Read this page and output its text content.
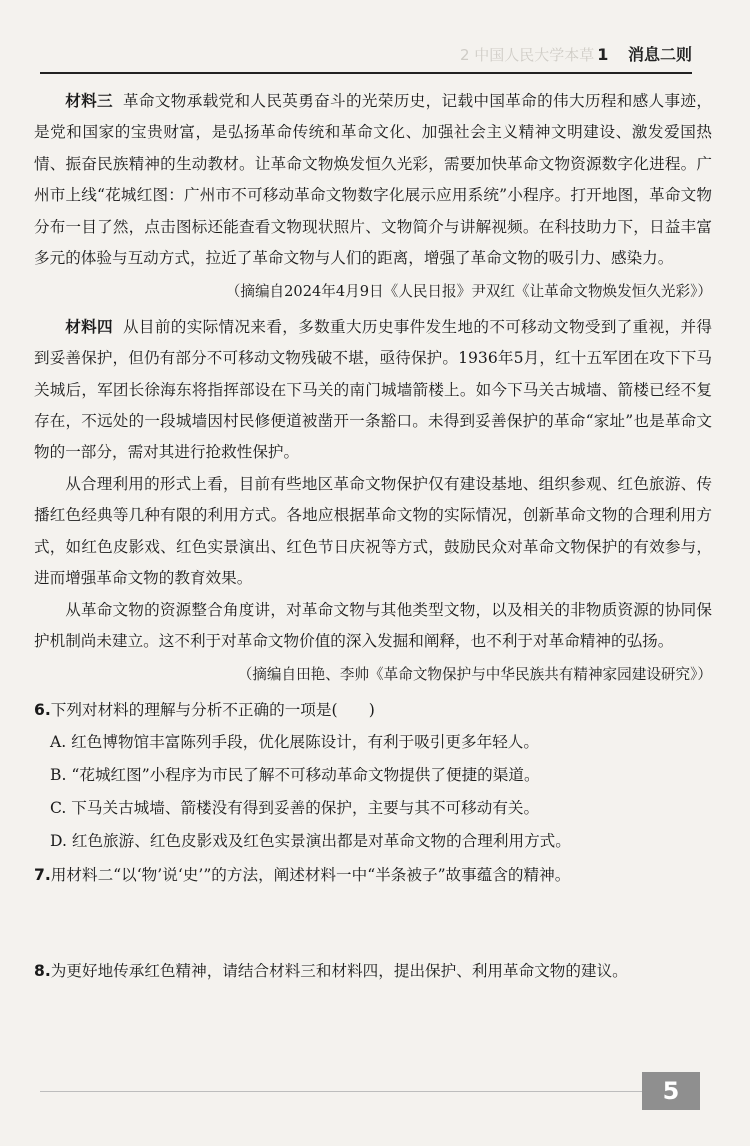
2 中国人民大学本草 1 消息二则

材料三 革命文物承载党和人民英勇奋斗的光荣历史，记载中国革命的伟大历程和感人事迹，是党和国家的宝贵财富，是弘扬革命传统和革命文化、加强社会主义精神文明建设、激发爱国热情、振奋民族精神的生动教材。让革命文物焕发恒久光彩，需要加快革命文物资源数字化进程。广州市上线“花城红图：广州市不可移动革命文物数字化展示应用系统”小程序。打开地图，革命文物分布一目了然，点击图标还能查看文物现状照片、文物简介与讲解视频。在科技助力下，日益丰富多元的体验与互动方式，拉近了革命文物与人们的距离，增强了革命文物的吸引力、感染力。

（摘编自2024年4月9日《人民日报》尹双红《让革命文物焕发恒久光彩》）

材料四 从目前的实际情况来看，多数重大历史事件发生地的不可移动文物受到了重视，并得到妥善保护，但仍有部分不可移动文物残破不堪，亟待保护。1936年5月，红十五军团在攻下下马关城后，军团长徐海东将指挥部设在下马关的南门城墙箭楼上。如今下马关古城墙、箭楼已经不复存在，不远处的一段城墙因村民修便道被凿开一条豁口。未得到妥善保护的革命“家址”也是革命文物的一部分，需对其进行抢救性保护。

从合理利用的形式上看，目前有些地区革命文物保护仅有建设基地、组织参观、红色旅游、传播红色经典等几种有限的利用方式。各地应根据革命文物的实际情况，创新革命文物的合理利用方式，如红色皮影戏、红色实景演出、红色节日庆祝等方式，鼓励民众对革命文物保护的有效参与，进而增强革命文物的教育效果。

从革命文物的资源整合角度讲，对革命文物与其他类型文物，以及相关的非物质资源的协同保护机制尚未建立。这不利于对革命文物价值的深入发掘和阐释，也不利于对革命精神的弘扬。

（摘编自田艳、李帅《革命文物保护与中华民族共有精神家园建设研究》）

6.下列对材料的理解与分析不正确的一项是(　　)

A. 红色博物馆丰富陈列手段，优化展陈设计，有利于吸引更多年轻人。

B. “花城红图”小程序为市民了解不可移动革命文物提供了便捷的渠道。

C. 下马关古城墙、箭楼没有得到妥善的保护，主要与其不可移动有关。

D. 红色旅游、红色皮影戏及红色实景演出都是对革命文物的合理利用方式。

7.用材料二“以‘物’说‘史’”的方法，阐述材料一中“半条被子”故事蕴含的精神。

8.为更好地传承红色精神，请结合材料三和材料四，提出保护、利用革命文物的建议。

5
